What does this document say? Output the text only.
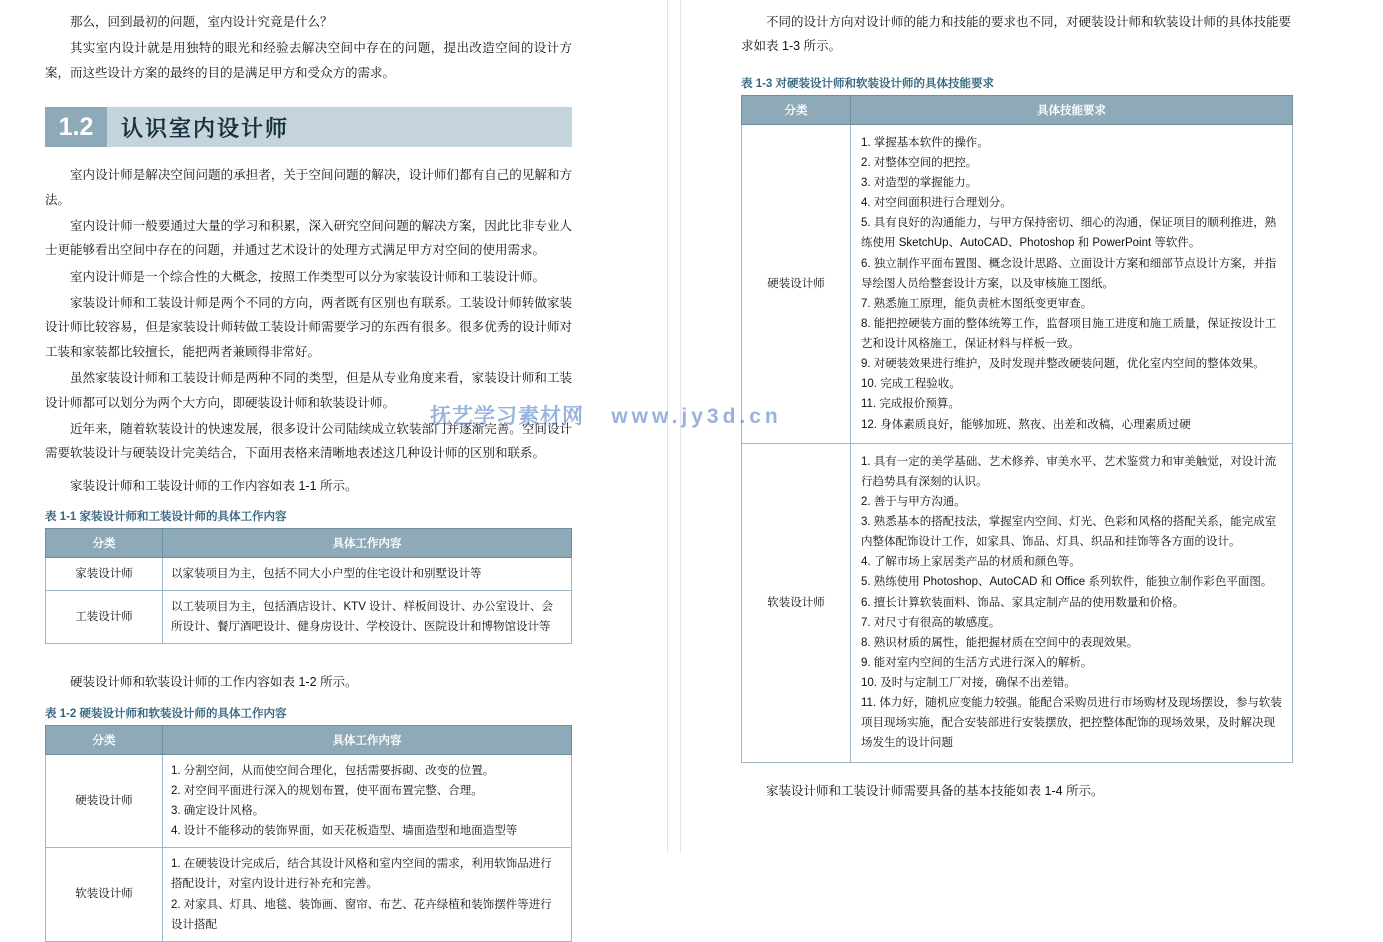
那么，回到最初的问题，室内设计究竟是什么？

其实室内设计就是用独特的眼光和经验去解决空间中存在的问题，提出改造空间的设计方案，而这些设计方案的最终的目的是满足甲方和受众方的需求。

1.2	认识室内设计师

室内设计师是解决空间问题的承担者，关于空间问题的解决，设计师们都有自己的见解和方法。

室内设计师一般要通过大量的学习和积累，深入研究空间问题的解决方案，因此比非专业人士更能够看出空间中存在的问题，并通过艺术设计的处理方式满足甲方对空间的使用需求。

室内设计师是一个综合性的大概念，按照工作类型可以分为家装设计师和工装设计师。

家装设计师和工装设计师是两个不同的方向，两者既有区别也有联系。工装设计师转做家装设计师比较容易，但是家装设计师转做工装设计师需要学习的东西有很多。很多优秀的设计师对工装和家装都比较擅长，能把两者兼顾得非常好。

虽然家装设计师和工装设计师是两种不同的类型，但是从专业角度来看，家装设计师和工装设计师都可以划分为两个大方向，即硬装设计师和软装设计师。

近年来，随着软装设计的快速发展，很多设计公司陆续成立软装部门并逐渐完善。空间设计需要软装设计与硬装设计完美结合，下面用表格来清晰地表述这几种设计师的区别和联系。

家装设计师和工装设计师的工作内容如表 1-1 所示。

表 1-1 家装设计师和工装设计师的具体工作内容
分类	具体工作内容
家装设计师	以家装项目为主，包括不同大小户型的住宅设计和别墅设计等

工装设计师	以工装项目为主，包括酒店设计、KTV 设计、样板间设计、办公室设计、会所设计、餐厅酒吧设计、健身房设计、学校设计、医院设计和博物馆设计等

硬装设计师和软装设计师的工作内容如表 1-2 所示。

表 1-2 硬装设计师和软装设计师的具体工作内容
分类	具体工作内容
硬装设计师	1. 分割空间，从而使空间合理化，包括需要拆砌、改变的位置。
2. 对空间平面进行深入的规划布置，使平面布置完整、合理。
3. 确定设计风格。
4. 设计不能移动的装饰界面，如天花板造型、墙面造型和地面造型等

软装设计师	1. 在硬装设计完成后，结合其设计风格和室内空间的需求，利用软饰品进行搭配设计，对室内设计进行补充和完善。
2. 对家具、灯具、地毯、装饰画、窗帘、布艺、花卉绿植和装饰摆件等进行设计搭配

不同的设计方向对设计师的能力和技能的要求也不同，对硬装设计师和软装设计师的具体技能要求如表 1-3 所示。

表 1-3 对硬装设计师和软装设计师的具体技能要求
分类	具体技能要求
硬装设计师	
1. 掌握基本软件的操作。
2. 对整体空间的把控。
3. 对造型的掌握能力。
4. 对空间面积进行合理划分。
5. 具有良好的沟通能力，与甲方保持密切、细心的沟通，保证项目的顺利推进，熟练使用 SketchUp、AutoCAD、Photoshop 和 PowerPoint 等软件。
6. 独立制作平面布置图、概念设计思路、立面设计方案和细部节点设计方案，并指导绘图人员给整套设计方案，以及审核施工图纸。
7. 熟悉施工原理，能负责桩木图纸变更审查。
8. 能把控硬装方面的整体统筹工作，监督项目施工进度和施工质量，保证按设计工艺和设计风格施工，保证材料与样板一致。
9. 对硬装效果进行维护，及时发现并整改硬装问题，优化室内空间的整体效果。
10. 完成工程验收。
11. 完成报价预算。
12. 身体素质良好，能够加班、熬夜、出差和改稿，心理素质过硬

软装设计师	
1. 具有一定的美学基础、艺术修养、审美水平、艺术鉴赏力和审美触觉，对设计流行趋势具有深刻的认识。
2. 善于与甲方沟通。
3. 熟悉基本的搭配技法，掌握室内空间、灯光、色彩和风格的搭配关系，能完成室内整体配饰设计工作，如家具、饰品、灯具、织品和挂饰等各方面的设计。
4. 了解市场上家居类产品的材质和颜色等。
5. 熟练使用 Photoshop、AutoCAD 和 Office 系列软件，能独立制作彩色平面图。
6. 擅长计算软装面料、饰品、家具定制产品的使用数量和价格。
7. 对尺寸有很高的敏感度。
8. 熟识材质的属性，能把握材质在空间中的表现效果。
9. 能对室内空间的生活方式进行深入的解析。
10. 及时与定制工厂对接，确保不出差错。
11. 体力好，随机应变能力较强。能配合采购员进行市场购材及现场摆设，参与软装项目现场实施，配合安装部进行安装摆放，把控整体配饰的现场效果，及时解决现场发生的设计问题

家装设计师和工装设计师需要具备的基本技能如表 1-4 所示。

抚艺学习素材网 www.jy3d.cn
